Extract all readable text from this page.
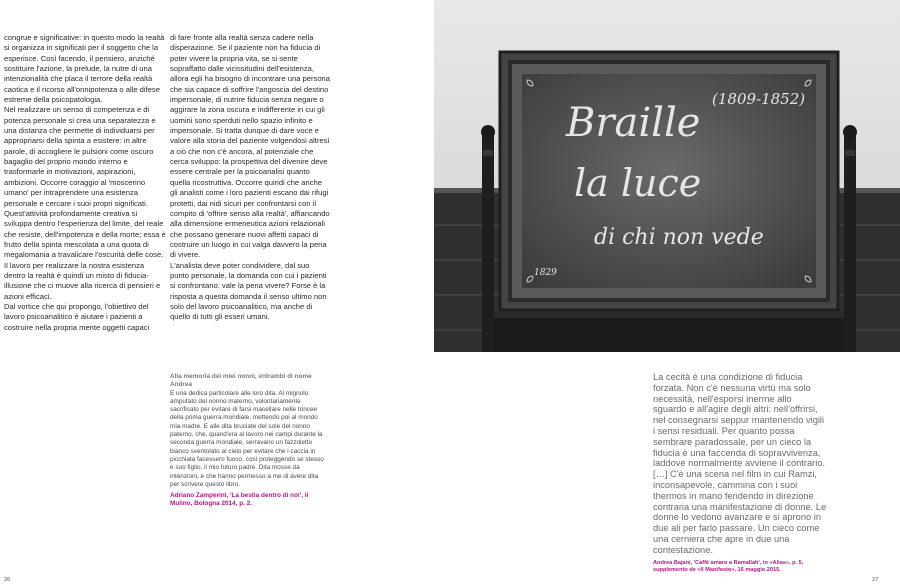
congrue e significative: in questo modo la realtà si organizza in significati per il soggetto che la esperisce. Così facendo, il pensiero, anziché sostituire l'azione, la prelude, la nutre di una intenzionalità che placa il terrore della realtà caotica e il ricorso all'onnipotenza o alle difese estreme della psicopatologia.

Nel realizzare un senso di competenza e di potenza personale si crea una separatezza e una distanza che permette di individuarsi per appropriarsi della spinta a esistere: in altre parole, di accogliere le pulsioni come oscuro bagaglio del proprio mondo interno e trasformarle in motivazioni, aspirazioni, ambizioni. Occorre coraggio al 'moscerino umano' per intraprendere una esistenza personale e cercare i suoi propri significati. Quest'attività profondamente creativa si sviluppa dentro l'esperienza del limite, del reale che resiste, dell'impotenza e della morte; essa è frutto della spinta mescolata a una quota di megalomania a travalicare l'oscurità delle cose.

Il lavoro per realizzare la nostra esistenza dentro la realtà è quindi un misto di fiducia-illusione che ci muove alla ricerca di pensieri e azioni efficaci.

Dal vortice che qui propongo, l'obiettivo del lavoro psicoanalitico è aiutare i pazienti a costruire nella propria mente oggetti capaci

di fare fronte alla realtà senza cadere nella disperazione. Se il paziente non ha fiducia di poter vivere la propria vita, se si sente sopraffatto dalle vicissitudini dell'esistenza, allora egli ha bisogno di incontrare una persona che sia capace di soffrire l'angoscia del destino impersonale, di nutrire fiducia senza negare o aggirare la zona oscura e indifferente in cui gli uomini sono sperduti nello spazio infinito e impersonale. Si tratta dunque di dare voce e valore alla storia del paziente volgendosi altresì a ciò che non c'è ancora, al potenziale che cerca sviluppo: la prospettiva del divenire deve essere centrale per la psicoanalisi quanto quella ricostruttiva. Occorre quindi che anche gli analisti come i loro pazienti escano dai rifugi protetti, dai nidi sicuri per confrontarsi con il compito di 'offrire senso alla realtà', affiancando alla dimensione ermeneutica azioni relazionali che possano generare nuovi affetti capaci di costruire un luogo in cui valga davvero la pena di vivere.

L'analista deve poter condividere, dal suo punto personale, la domanda con cui i pazienti si confrontano: vale la pena vivere? Forse è la risposta a questa domanda il senso ultimo non solo del lavoro psicoanalitico, ma anche di quello di tutti gli esseri umani.

Alla memoria dei miei nonni, entrambi di nome Andrea
E una dedica particolare alle loro dita. Al mignolo amputato del nonno materno, volontariamente sacrificato per evitare di farsi macellare nelle trincee della prima guerra mondiale, mettendo poi al mondo mia madre. E alle dita bruciate del sole del nonno paterno, che, quand'era al lavoro nei campi durante la seconda guerra mondiale, serravano un fazzoletto bianco sventolato al cielo per evitare che i caccia in picchiata facessero fuoco, così proteggendo se stesso e suo figlio, il mio futuro padre. Dita mosse da intenzioni, e che hanno permesso a me di avere dita per scrivere questo libro.
Adriano Zamperini, 'La bestia dentro di noi', il Mulino, Bologna 2014, p. 2.
Braille
(1809-1852)
la luce
di chi non vede
1829
La cecità è una condizione di fiducia forzata. Non c'è nessuna virtù ma solo necessità, nell'esporsi inerme allo sguardo e all'agire degli altri: nell'offrirsi, nel consegnarsi seppur mantenendo vigili i sensi residuali. Per quanto possa sembrare paradossale, per un cieco la fiducia è una faccenda di sopravvivenza, laddove normalmente avviene il contrario. […] C'è una scena nel film in cui Ramzi, inconsapevole, cammina con i suoi thermos in mano fendendo in direzione contraria una manifestazione di donne. Le donne lo vedono avanzare e si aprono in due ali per farlo passare. Un cieco come una cerniera che apre in due una contestazione.
Andrea Bajani, 'Caffè amaro a Ramallah', in «Alias», p. 5, supplemento de «Il Manifesto», 16 maggio 2015.
26	27
